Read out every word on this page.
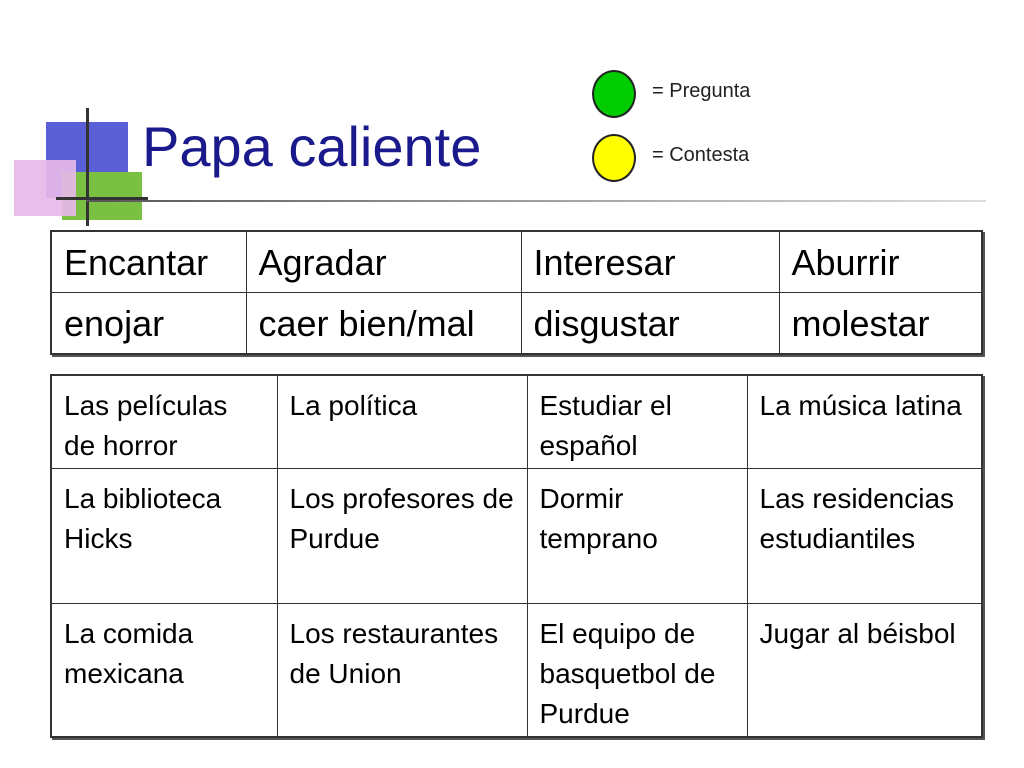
Papa caliente
= Pregunta
= Contesta
Encantar	Agradar	Interesar	Aburrir
enojar	caer bien/mal	disgustar	molestar
Las películas de horror	La política	Estudiar el español	La música latina
La biblioteca Hicks	Los profesores de Purdue	Dormir temprano	Las residencias estudiantiles
La comida mexicana	Los restaurantes de Union	El equipo de basquetbol de Purdue	Jugar al béisbol
